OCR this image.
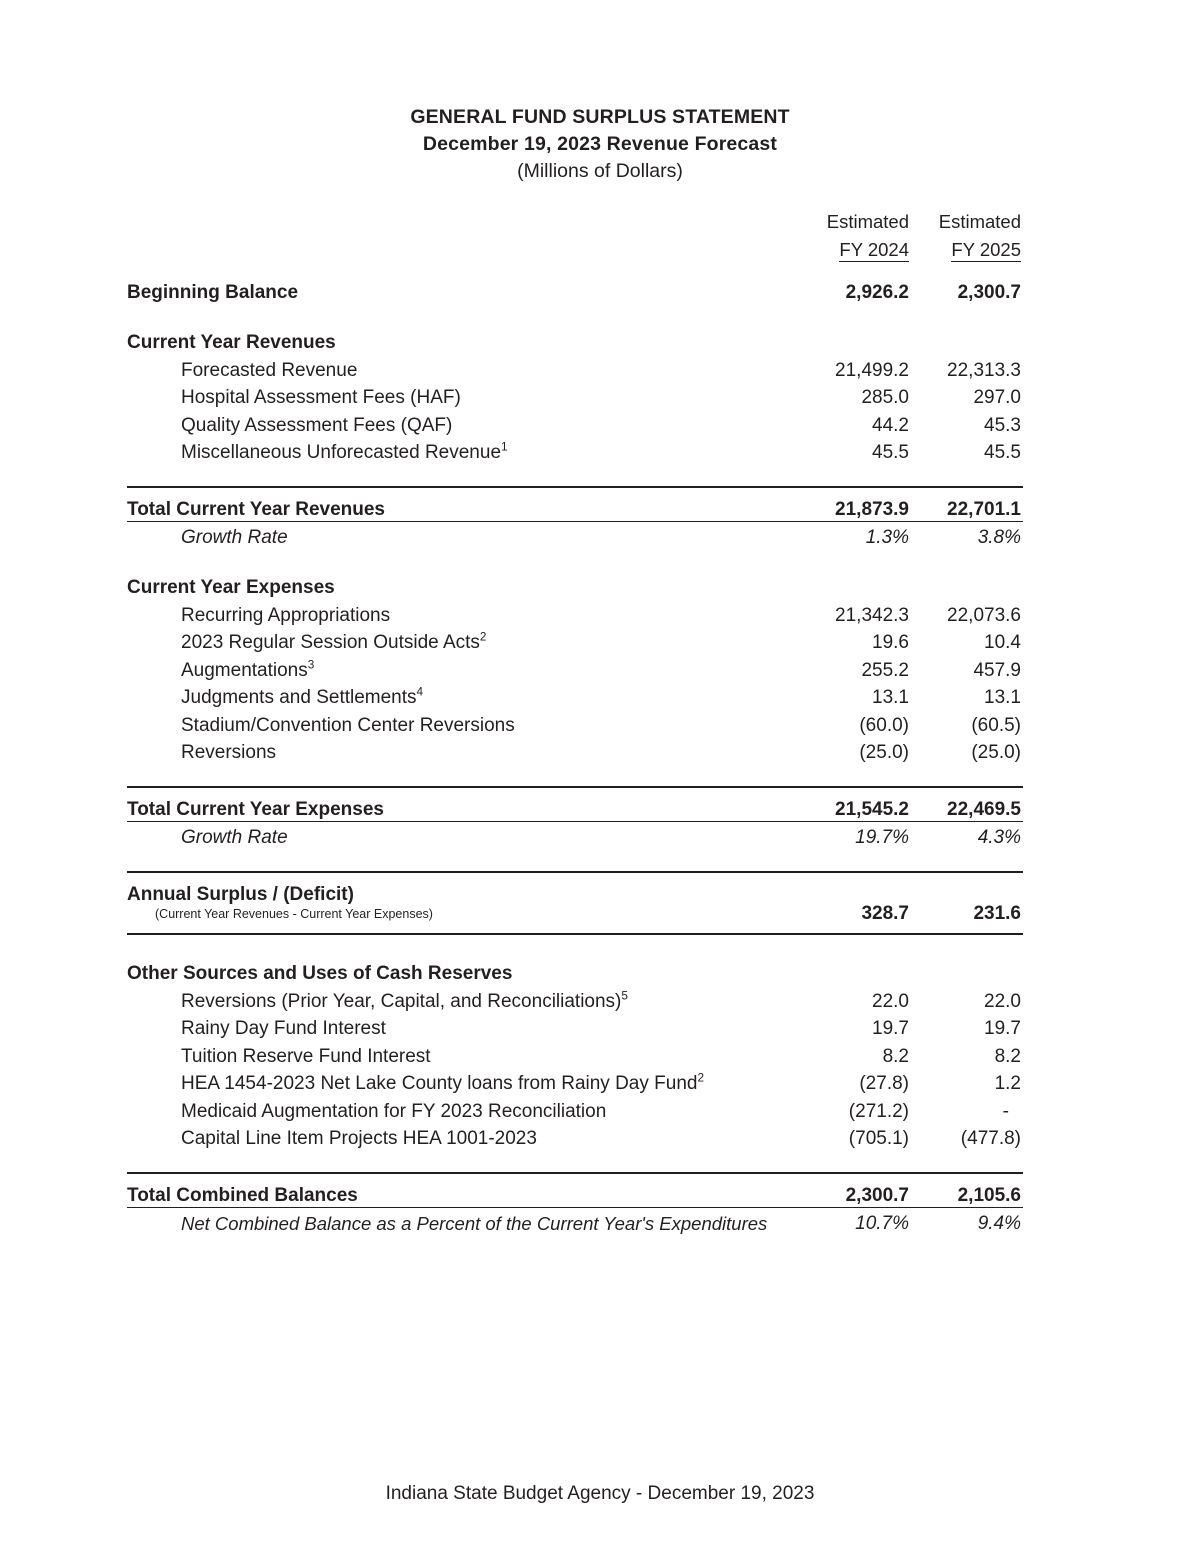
GENERAL FUND SURPLUS STATEMENT
December 19, 2023 Revenue Forecast
(Millions of Dollars)
	Estimated	Estimated
	FY 2024	FY 2025

Beginning Balance	2,926.2	2,300.7

Current Year Revenues		
Forecasted Revenue	21,499.2	22,313.3
Hospital Assessment Fees (HAF)	285.0	297.0
Quality Assessment Fees (QAF)	44.2	45.3
Miscellaneous Unforecasted Revenue$^1$	45.5	45.5

Total Current Year Revenues	21,873.9	22,701.1
Growth Rate	1.3%	3.8%

Current Year Expenses		
Recurring Appropriations	21,342.3	22,073.6
2023 Regular Session Outside Acts$^2$	19.6	10.4
Augmentations$^3$	255.2	457.9
Judgments and Settlements$^4$	13.1	13.1
Stadium/Convention Center Reversions	(60.0)	(60.5)
Reversions	(25.0)	(25.0)

Total Current Year Expenses	21,545.2	22,469.5
Growth Rate	19.7%	4.3%

Annual Surplus / (Deficit)
(Current Year Revenues - Current Year Expenses)	328.7	231.6

Other Sources and Uses of Cash Reserves		
Reversions (Prior Year, Capital, and Reconciliations)$^5$	22.0	22.0
Rainy Day Fund Interest	19.7	19.7
Tuition Reserve Fund Interest	8.2	8.2
HEA 1454-2023 Net Lake County loans from Rainy Day Fund$^2$	(27.8)	1.2
Medicaid Augmentation for FY 2023 Reconciliation	(271.2)	-
Capital Line Item Projects HEA 1001-2023	(705.1)	(477.8)

Total Combined Balances	2,300.7	2,105.6
Net Combined Balance as a Percent of the Current Year's Expenditures	10.7%	9.4%
Indiana State Budget Agency - December 19, 2023
